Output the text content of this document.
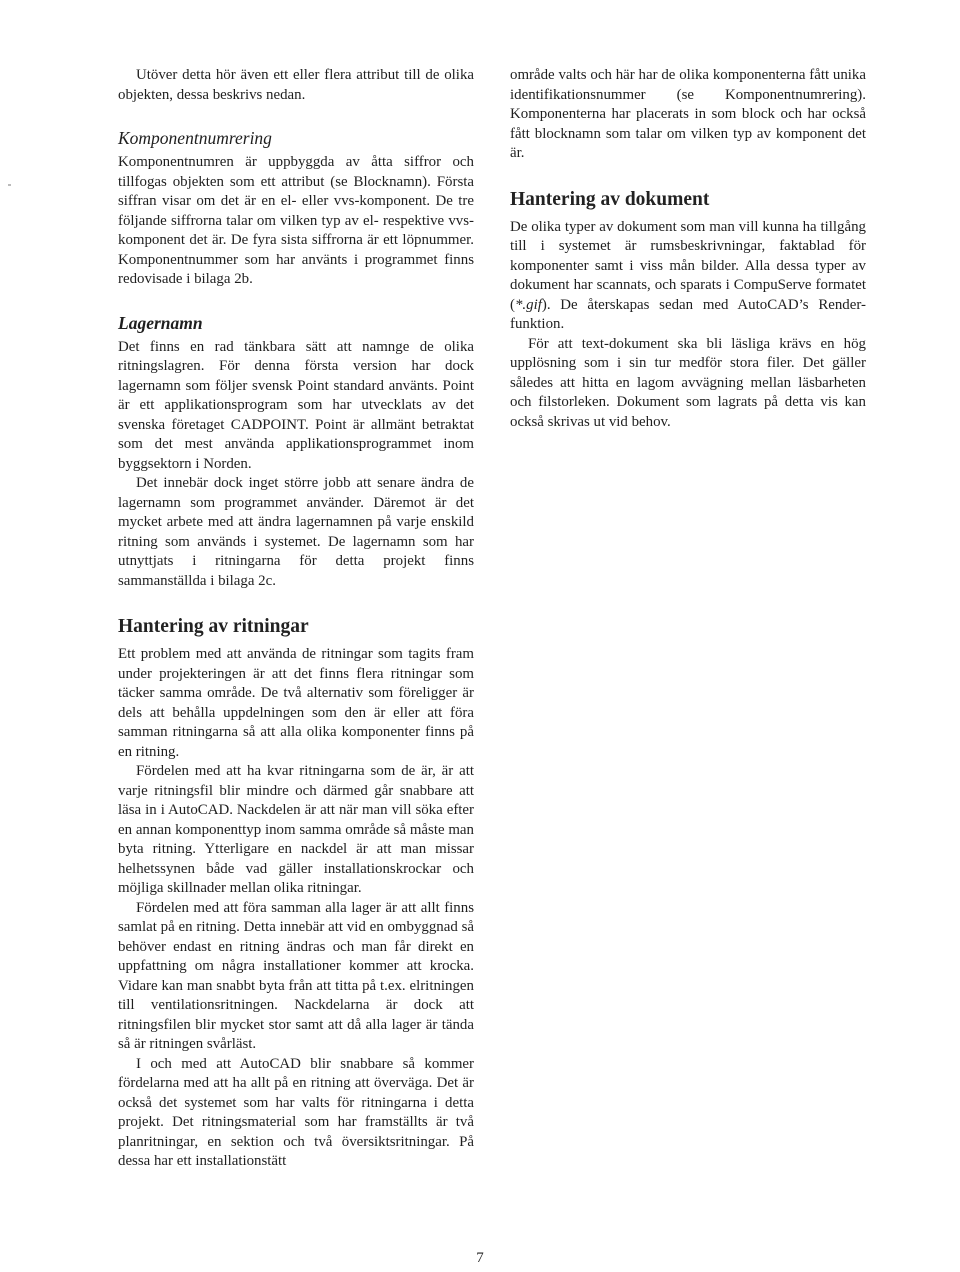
Utöver detta hör även ett eller flera attribut till de olika objekten, dessa beskrivs nedan.

Komponentnumrering

Komponentnumren är uppbyggda av åtta siffror och tillfogas objekten som ett attribut (se Blocknamn). Första siffran visar om det är en el- eller vvs-komponent. De tre följande siffrorna talar om vilken typ av el- respektive vvs-komponent det är. De fyra sista siffrorna är ett löpnummer. Komponentnummer som har använts i programmet finns redovisade i bilaga 2b.

Lagernamn

Det finns en rad tänkbara sätt att namnge de olika ritningslagren. För denna första version har dock lagernamn som följer svensk Point standard använts. Point är ett applikationsprogram som har utvecklats av det svenska företaget CADPOINT. Point är allmänt betraktat som det mest använda applikationsprogrammet inom byggsektorn i Norden.

Det innebär dock inget större jobb att senare ändra de lagernamn som programmet använder. Däremot är det mycket arbete med att ändra lagernamnen på varje enskild ritning som används i systemet. De lagernamn som har utnyttjats i ritningarna för detta projekt finns sammanställda i bilaga 2c.

Hantering av ritningar

Ett problem med att använda de ritningar som tagits fram under projekteringen är att det finns flera ritningar som täcker samma område. De två alternativ som föreligger är dels att behålla uppdelningen som den är eller att föra samman ritningarna så att alla olika komponenter finns på en ritning.

Fördelen med att ha kvar ritningarna som de är, är att varje ritningsfil blir mindre och därmed går snabbare att läsa in i AutoCAD. Nackdelen är att när man vill söka efter en annan komponenttyp inom samma område så måste man byta ritning. Ytterligare en nackdel är att man missar helhetssynen både vad gäller installationskrockar och möjliga skillnader mellan olika ritningar.

Fördelen med att föra samman alla lager är att allt finns samlat på en ritning. Detta innebär att vid en ombyggnad så behöver endast en ritning ändras och man får direkt en uppfattning om några installationer kommer att krocka. Vidare kan man snabbt byta från att titta på t.ex. elritningen till ventilationsritningen. Nackdelarna är dock att ritningsfilen blir mycket stor samt att då alla lager är tända så är ritningen svårläst.

I och med att AutoCAD blir snabbare så kommer fördelarna med att ha allt på en ritning att överväga. Det är också det systemet som har valts för ritningarna i detta projekt. Det ritningsmaterial som har framställts är två planritningar, en sektion och två översiktsritningar. På dessa har ett installationstätt

område valts och här har de olika komponenterna fått unika identifikationsnummer (se Komponentnumrering). Komponenterna har placerats in som block och har också fått blocknamn som talar om vilken typ av komponent det är.

Hantering av dokument

De olika typer av dokument som man vill kunna ha tillgång till i systemet är rumsbeskrivningar, faktablad för komponenter samt i viss mån bilder. Alla dessa typer av dokument har scannats, och sparats i CompuServe formatet (*.gif). De återskapas sedan med AutoCAD’s Render-funktion.

För att text-dokument ska bli läsliga krävs en hög upplösning som i sin tur medför stora filer. Det gäller således att hitta en lagom avvägning mellan läsbarheten och filstorleken. Dokument som lagrats på detta vis kan också skrivas ut vid behov.

7
